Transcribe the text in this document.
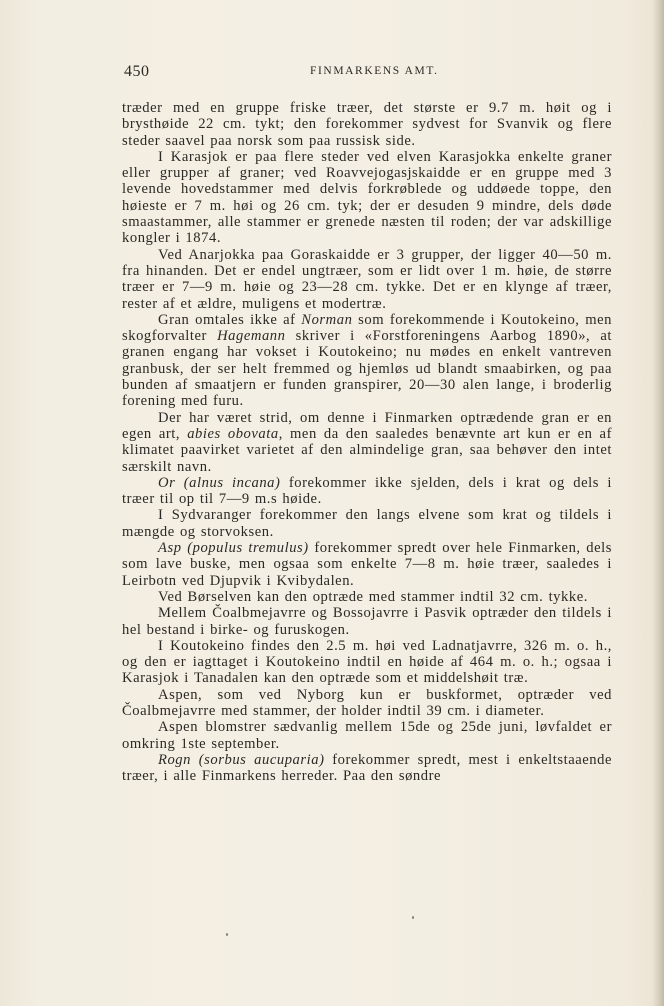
450	FINMARKENS AMT.

træder med en gruppe friske træer, det største er 9.7 m. høit og i brysthøide 22 cm. tykt; den forekommer sydvest for Svanvik og flere steder saavel paa norsk som paa russisk side.

I Karasjok er paa flere steder ved elven Karasjokka enkelte graner eller grupper af graner; ved Roavvejogasjskaidde er en gruppe med 3 levende hovedstammer med delvis forkrøblede og uddøede toppe, den høieste er 7 m. høi og 26 cm. tyk; der er desuden 9 mindre, dels døde smaastammer, alle stammer er grenede næsten til roden; der var adskillige kongler i 1874.

Ved Anarjokka paa Goraskaidde er 3 grupper, der ligger 40—50 m. fra hinanden. Det er endel ungtræer, som er lidt over 1 m. høie, de større træer er 7—9 m. høie og 23—28 cm. tykke. Det er en klynge af træer, rester af et ældre, muligens et modertræ.

Gran omtales ikke af Norman som forekommende i Koutokeino, men skogforvalter Hagemann skriver i «Forstforeningens Aarbog 1890», at granen engang har vokset i Koutokeino; nu mødes en enkelt vantreven granbusk, der ser helt fremmed og hjemløs ud blandt smaabirken, og paa bunden af smaatjern er funden granspirer, 20—30 alen lange, i broderlig forening med furu.

Der har været strid, om denne i Finmarken optrædende gran er en egen art, abies obovata, men da den saaledes benævnte art kun er en af klimatet paavirket varietet af den almindelige gran, saa behøver den intet særskilt navn.

Or (alnus incana) forekommer ikke sjelden, dels i krat og dels i træer til op til 7—9 m.s høide.

I Sydvaranger forekommer den langs elvene som krat og tildels i mængde og storvoksen.

Asp (populus tremulus) forekommer spredt over hele Finmarken, dels som lave buske, men ogsaa som enkelte 7—8 m. høie træer, saaledes i Leirbotn ved Djupvik i Kvibydalen.

Ved Børselven kan den optræde med stammer indtil 32 cm. tykke.

Mellem Čoalbmejavrre og Bossojavrre i Pasvik optræder den tildels i hel bestand i birke- og furuskogen.

I Koutokeino findes den 2.5 m. høi ved Ladnatjavrre, 326 m. o. h., og den er iagttaget i Koutokeino indtil en høide af 464 m. o. h.; ogsaa i Karasjok i Tanadalen kan den optræde som et middelshøit træ.

Aspen, som ved Nyborg kun er buskformet, optræder ved Čoalbmejavrre med stammer, der holder indtil 39 cm. i diameter.

Aspen blomstrer sædvanlig mellem 15de og 25de juni, løvfaldet er omkring 1ste september.

Rogn (sorbus aucuparia) forekommer spredt, mest i enkeltstaaende træer, i alle Finmarkens herreder. Paa den søndre
